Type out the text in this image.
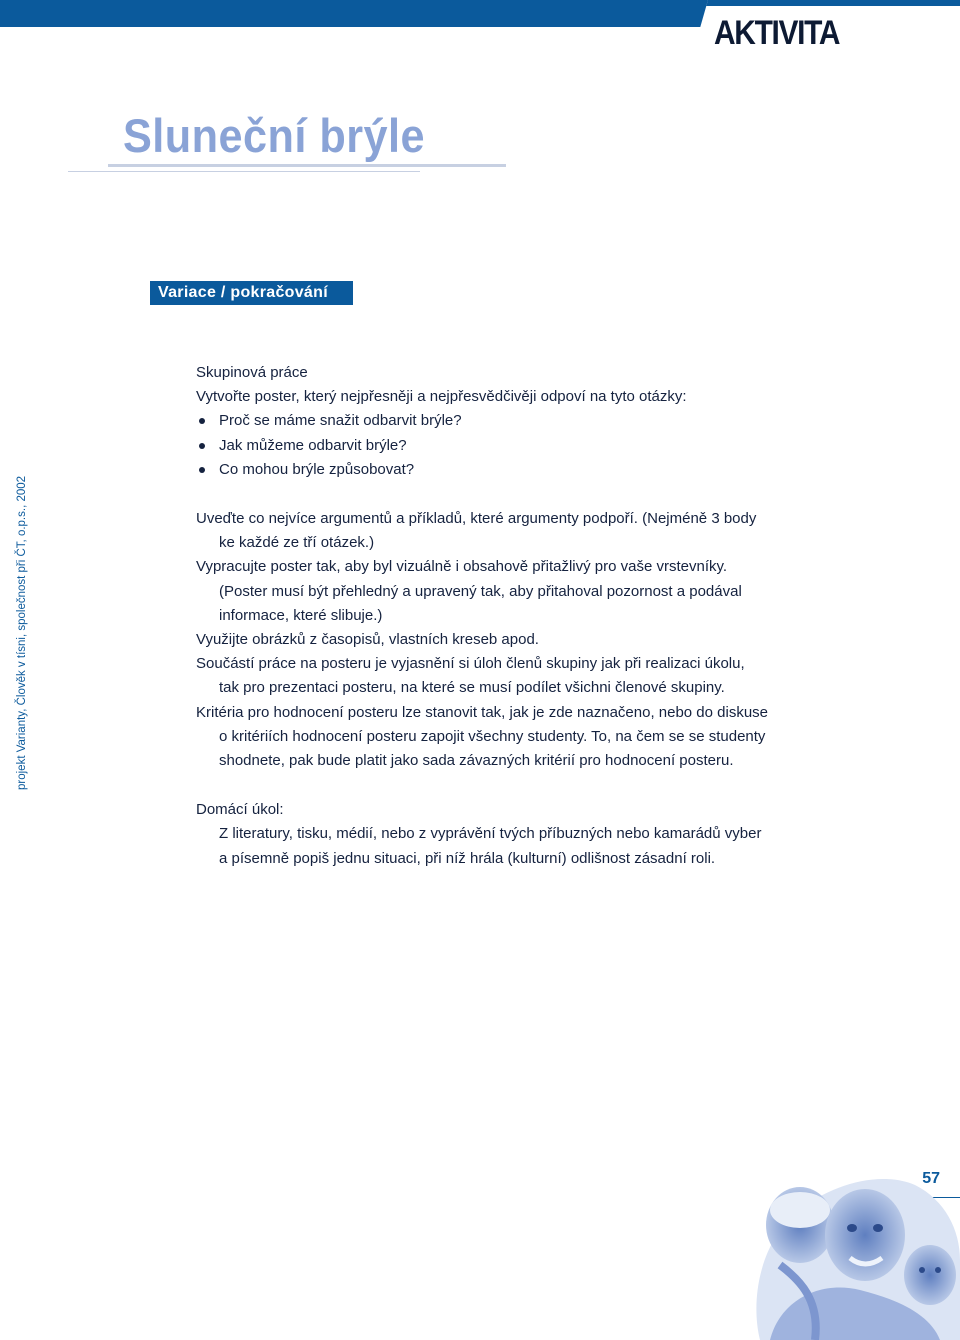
AKTIVITA
Sluneční brýle
Variace / pokračování
projekt Varianty, Člověk v tísni, společnost při ČT, o.p.s., 2002

Skupinová práce

Vytvořte poster, který nejpřesněji a nejpřesvědčivěji odpoví na tyto otázky:

Proč se máme snažit odbarvit brýle?
Jak můžeme odbarvit brýle?
Co mohou brýle způsobovat?

Uveďte co nejvíce argumentů a příkladů, které argumenty podpoří. (Nejméně 3 body

ke každé ze tří otázek.)

Vypracujte poster tak, aby byl vizuálně i obsahově přitažlivý pro vaše vrstevníky.

(Poster musí být přehledný a upravený tak, aby přitahoval pozornost a podával

informace, které slibuje.)

Využijte obrázků z časopisů, vlastních kreseb apod.

Součástí práce na posteru je vyjasnění si úloh členů skupiny jak při realizaci úkolu,

tak pro prezentaci posteru, na které se musí podílet všichni členové skupiny.

Kritéria pro hodnocení posteru lze stanovit tak, jak je zde naznačeno, nebo do diskuse

o kritériích hodnocení posteru zapojit všechny studenty. To, na čem se se studenty

shodnete, pak bude platit jako sada závazných kritérií pro hodnocení posteru.

Domácí úkol:

Z literatury, tisku, médií, nebo z vyprávění tvých příbuzných nebo kamarádů vyber

a písemně popiš jednu situaci, při níž hrála (kulturní) odlišnost zásadní roli.

57
